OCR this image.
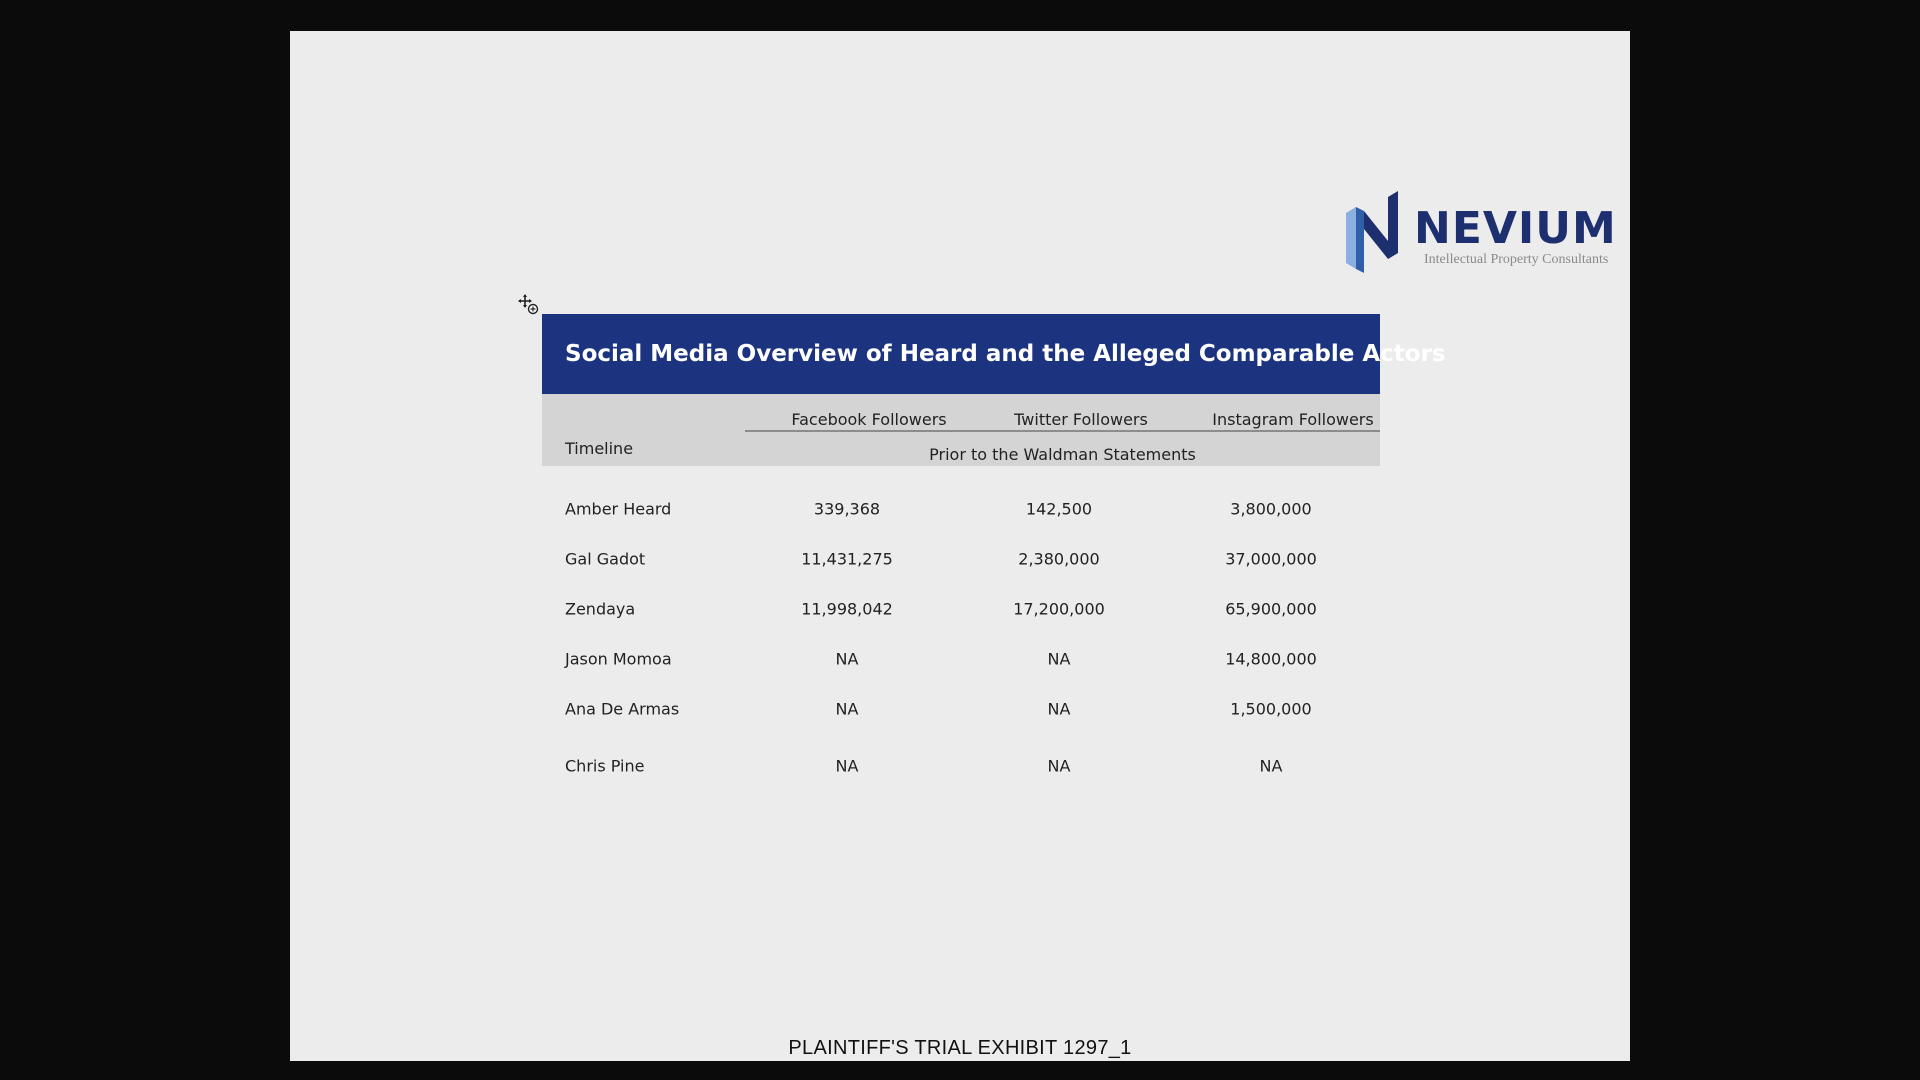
NEVIUM
Intellectual Property Consultants
Social Media Overview of Heard and the Alleged Comparable Actors
Facebook Followers	Twitter Followers	Instagram Followers
Timeline	Prior to the Waldman Statements
Amber Heard	339,368	142,500	3,800,000
Gal Gadot	11,431,275	2,380,000	37,000,000
Zendaya	11,998,042	17,200,000	65,900,000
Jason Momoa	NA	NA	14,800,000
Ana De Armas	NA	NA	1,500,000
Chris Pine	NA	NA	NA
PLAINTIFF'S TRIAL EXHIBIT 1297_1
